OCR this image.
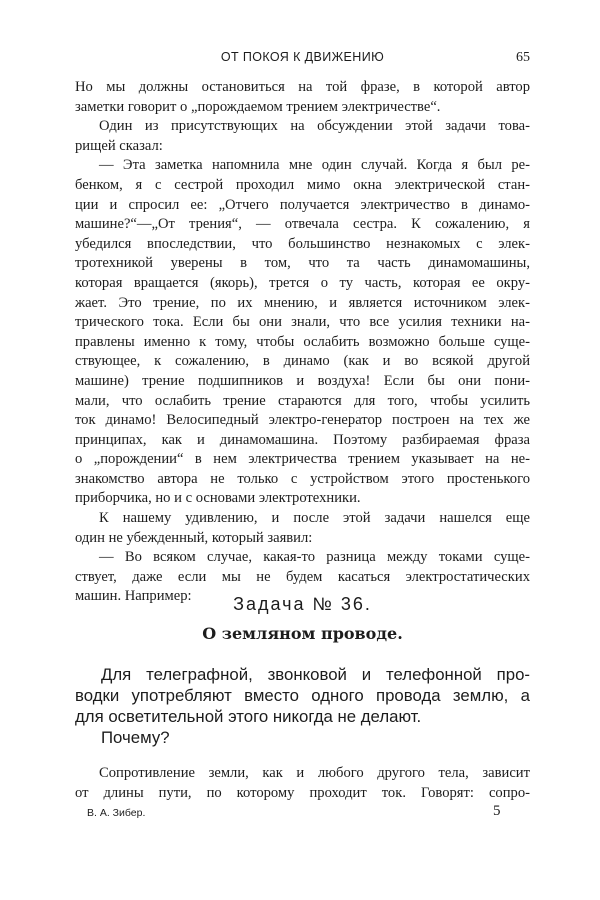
ОТ ПОКОЯ К ДВИЖЕНИЮ	65
Но мы должны остановиться на той фразе, в которой автор
заметки говорит о „порождаемом трением электричестве“.
Один из присутствующих на обсуждении этой задачи това-
рищей сказал:
— Эта заметка напомнила мне один случай. Когда я был ре-
бенком, я с сестрой проходил мимо окна электрической стан-
ции и спросил ее: „Отчего получается электричество в динамо-
машине?“—„От трения“, — отвечала сестра. К сожалению, я
убедился впоследствии, что большинство незнакомых с элек-
тротехникой уверены в том, что та часть динамомашины,
которая вращается (якорь), трется о ту часть, которая ее окру-
жает. Это трение, по их мнению, и является источником элек-
трического тока. Если бы они знали, что все усилия техники на-
правлены именно к тому, чтобы ослабить возможно больше суще-
ствующее, к сожалению, в динамо (как и во всякой другой
машине) трение подшипников и воздуха! Если бы они пони-
мали, что ослабить трение стараются для того, чтобы усилить
ток динамо! Велосипедный электро-генератор построен на тех же
принципах, как и динамомашина. Поэтому разбираемая фраза
о „порождении“ в нем электричества трением указывает на не-
знакомство автора не только с устройством этого простенького
приборчика, но и с основами электротехники.
К нашему удивлению, и после этой задачи нашелся еще
один не убежденный, который заявил:
— Во всяком случае, какая-то разница между токами суще-
ствует, даже если мы не будем касаться электростатических
машин. Например:	Задача № 36.
О земляном проводе.
Для телеграфной, звонковой и телефонной про-
водки употребляют вместо одного провода землю, а
для осветительной этого никогда не делают.
Почему?
Сопротивление земли, как и любого другого тела, зависит
от длины пути, по которому проходит ток. Говорят: сопро-
В. А. Зибер.	5
